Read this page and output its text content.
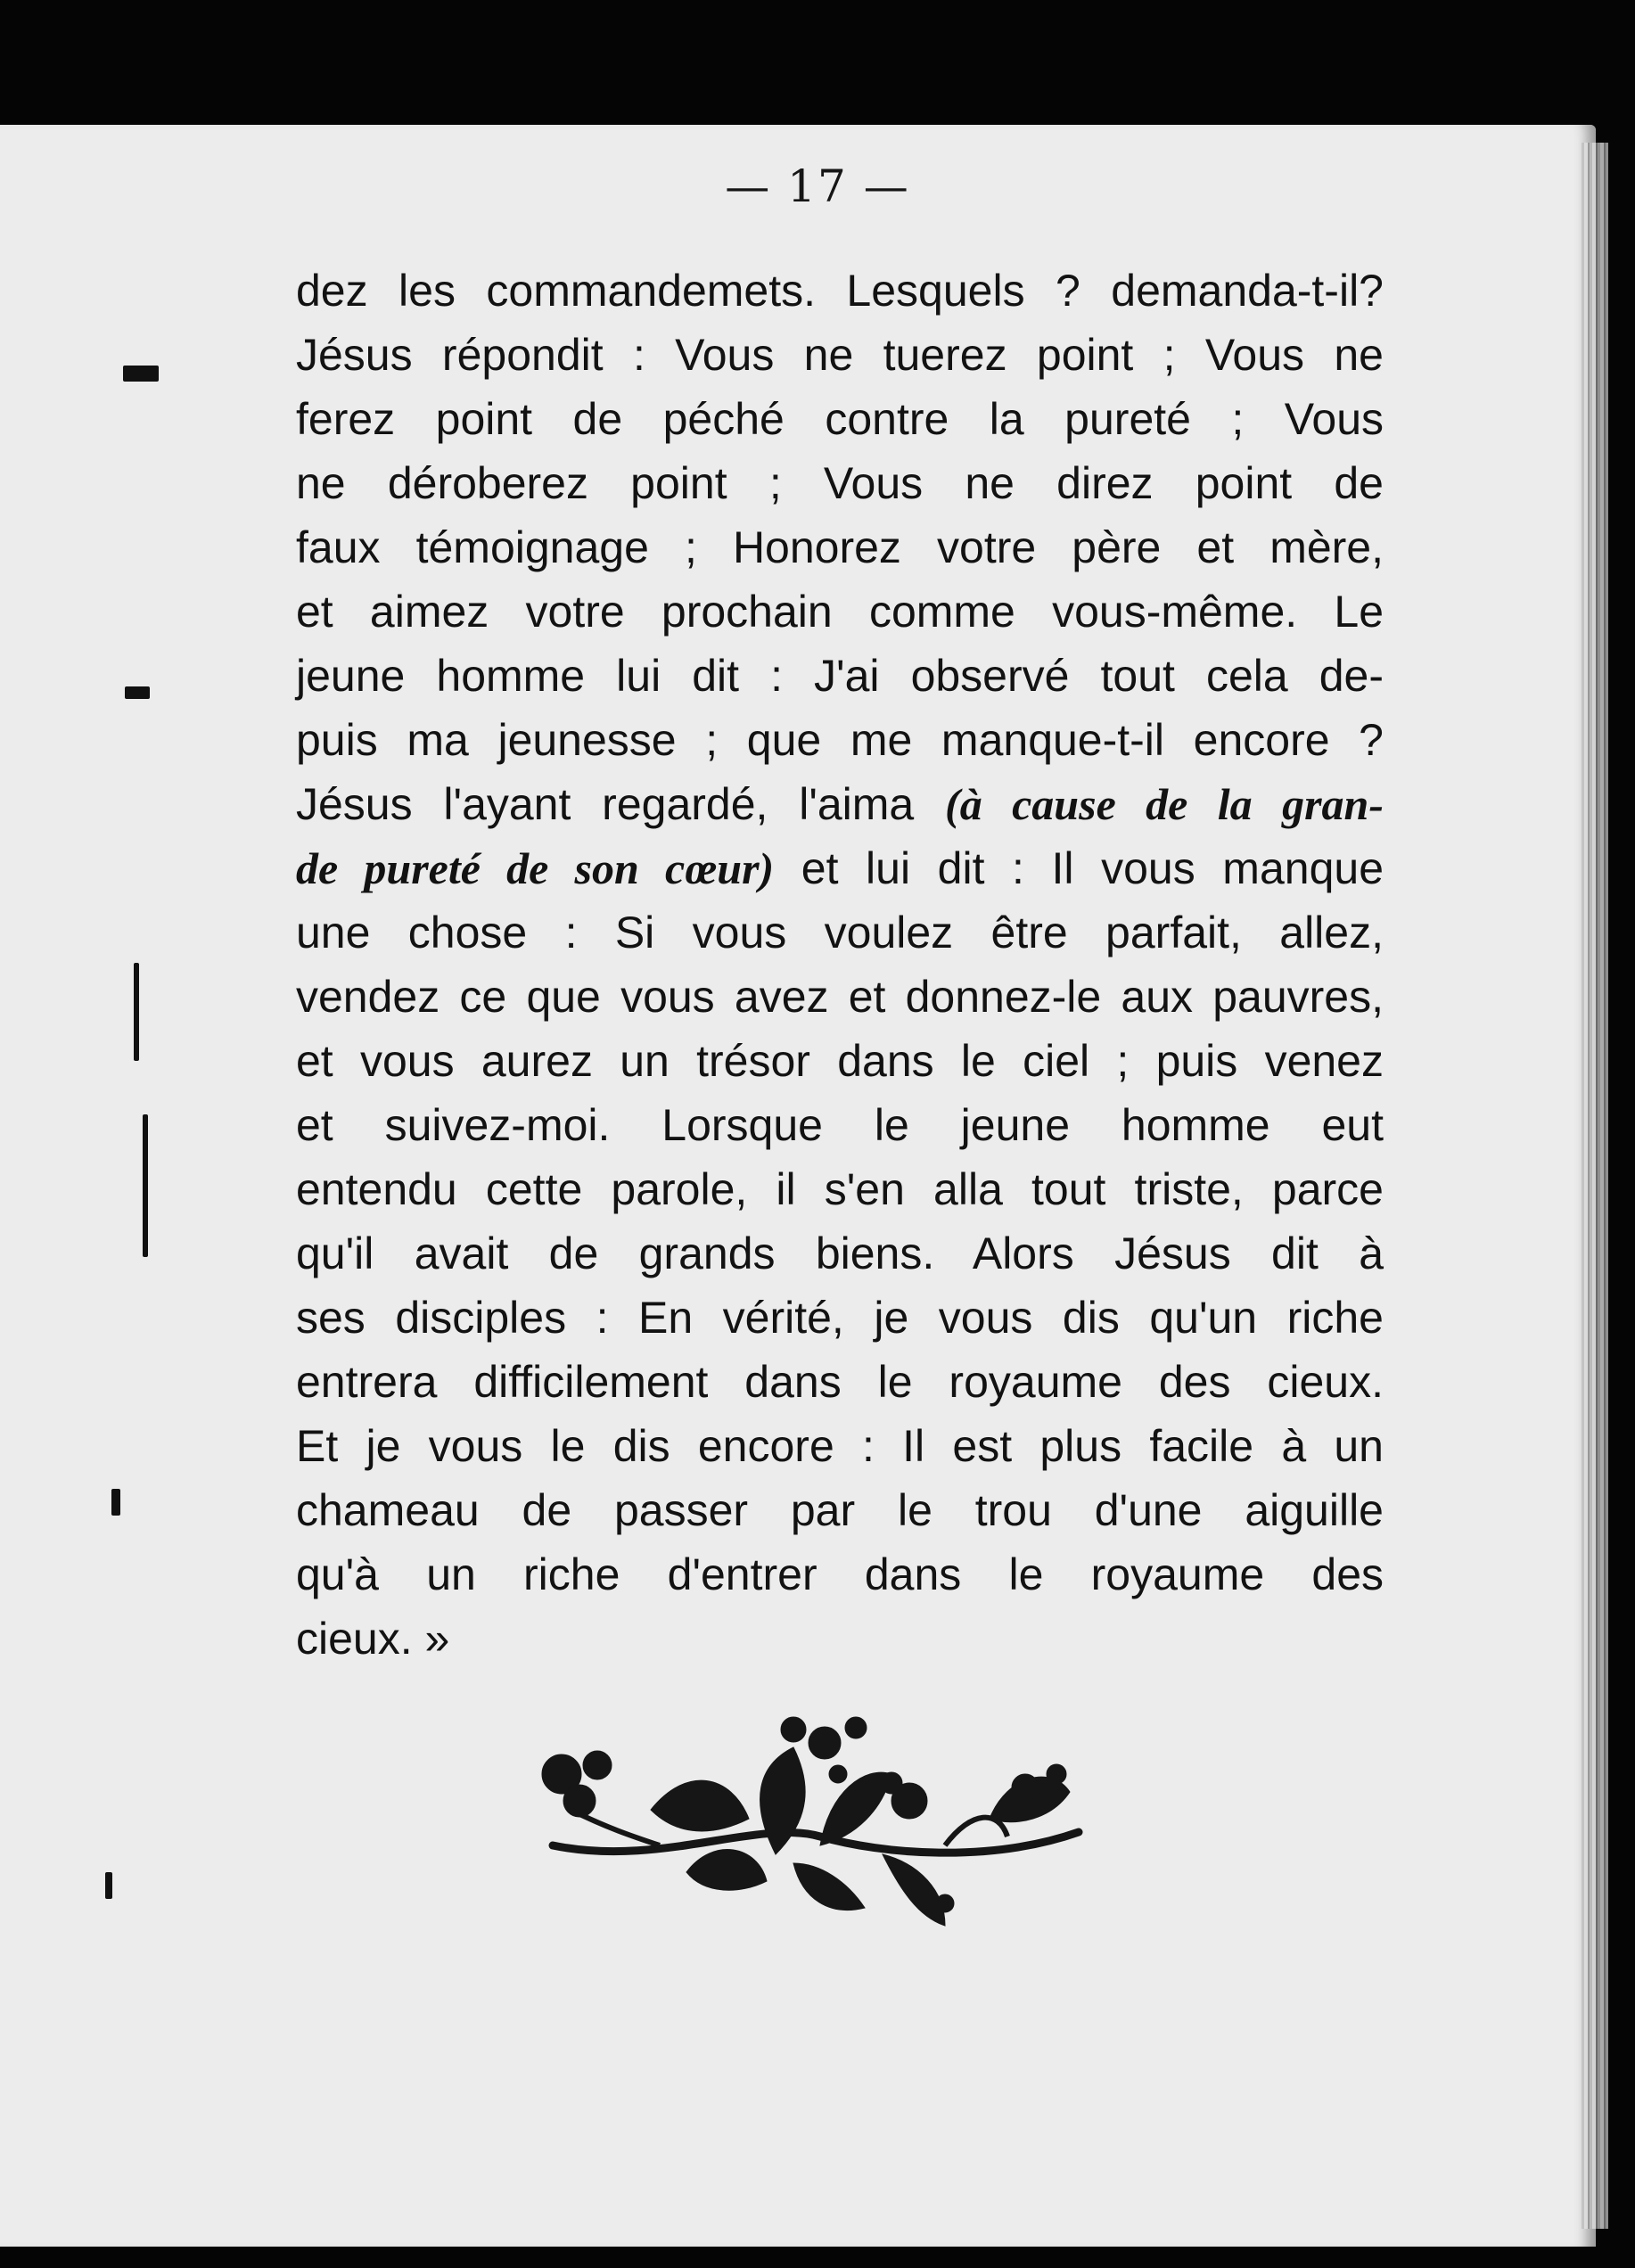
— 17 —
dez les commandemets. Lesquels ? demanda-t-il?
Jésus répondit : Vous ne tuerez point ; Vous ne
ferez point de péché contre la pureté ; Vous
ne déroberez point ; Vous ne direz point de
faux témoignage ; Honorez votre père et mère,
et aimez votre prochain comme vous-même. Le
jeune homme lui dit : J'ai observé tout cela de-
puis ma jeunesse ; que me manque-t-il encore ?
Jésus l'ayant regardé, l'aima (à cause de la gran-
de pureté de son cœur) et lui dit : Il vous manque
une chose : Si vous voulez être parfait, allez,
vendez ce que vous avez et donnez-le aux pauvres,
et vous aurez un trésor dans le ciel ; puis venez
et suivez-moi. Lorsque le jeune homme eut
entendu cette parole, il s'en alla tout triste, parce
qu'il avait de grands biens. Alors Jésus dit à
ses disciples : En vérité, je vous dis qu'un riche
entrera difficilement dans le royaume des cieux.
Et je vous le dis encore : Il est plus facile à un
chameau de passer par le trou d'une aiguille
qu'à un riche d'entrer dans le royaume des
cieux. »
